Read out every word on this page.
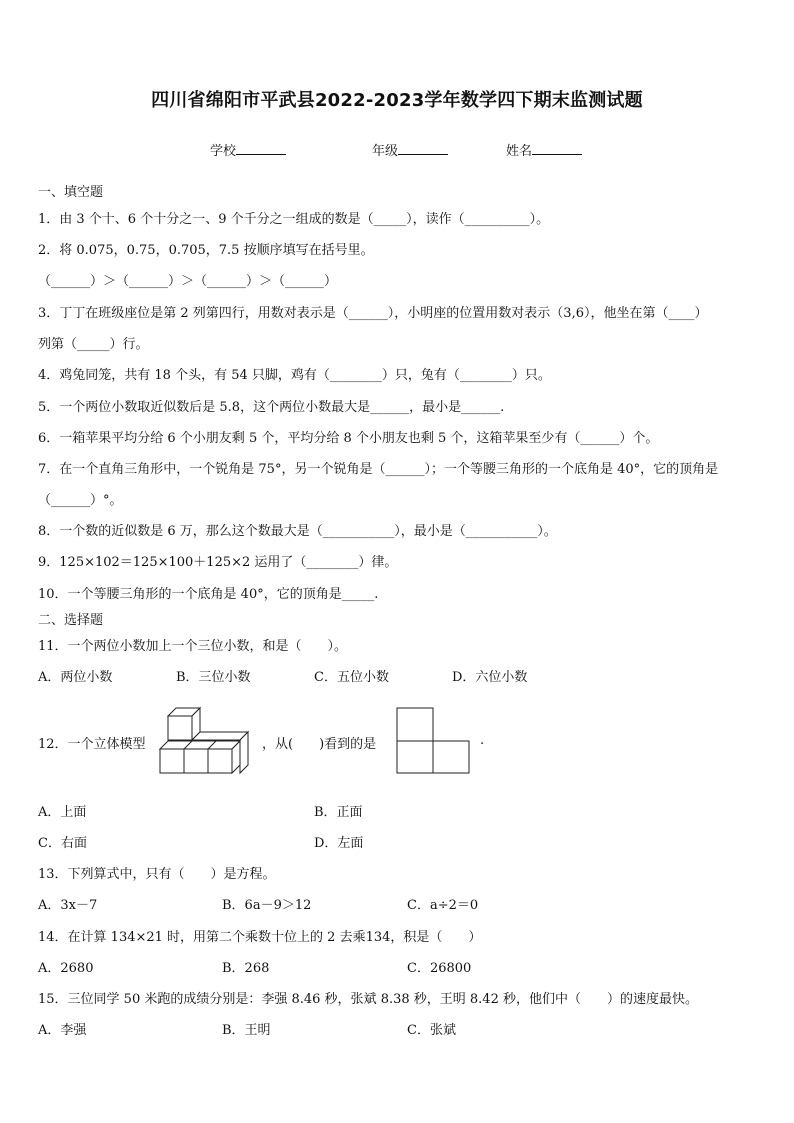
四川省绵阳市平武县2022-2023学年数学四下期末监测试题
学校	年级	姓名
一、填空题
1．由 3 个十、6 个十分之一、9 个千分之一组成的数是（_____），读作（__________）。
2．将 0.075，0.75，0.705，7.5 按顺序填写在括号里。
（______）＞（______）＞（______）＞（______）
3．丁丁在班级座位是第 2 列第四行，用数对表示是（______），小明座的位置用数对表示（3,6），他坐在第（____）
列第（_____）行。
4．鸡兔同笼，共有 18 个头，有 54 只脚，鸡有（________）只，兔有（________）只。
5．一个两位小数取近似数后是 5.8，这个两位小数最大是______，最小是______.
6．一箱苹果平均分给 6 个小朋友剩 5 个，平均分给 8 个小朋友也剩 5 个，这箱苹果至少有（______）个。
7．在一个直角三角形中，一个锐角是 75°，另一个锐角是（______）；一个等腰三角形的一个底角是 40°，它的顶角是
（______）°。
8．一个数的近似数是 6 万，那么这个数最大是（___________），最小是（___________）。
9．125×102＝125×100＋125×2 运用了（________）律。
10．一个等腰三角形的一个底角是 40°，它的顶角是_____.
二、选择题
11．一个两位小数加上一个三位小数，和是（　　）。
A．两位小数	B．三位小数	C．五位小数	D．六位小数
12．一个立体模型	，从(　　)看到的是	.
A．上面	B．正面
C．右面	D．左面
13．下列算式中，只有（　　）是方程。
A．3x－7	B．6a－9＞12	C．a÷2＝0
14．在计算 134×21 时，用第二个乘数十位上的 2 去乘134，积是（　　）
A．2680	B．268	C．26800
15．三位同学 50 米跑的成绩分别是：李强 8.46 秒，张斌 8.38 秒，王明 8.42 秒，他们中（　　）的速度最快。
A．李强	B．王明	C．张斌
